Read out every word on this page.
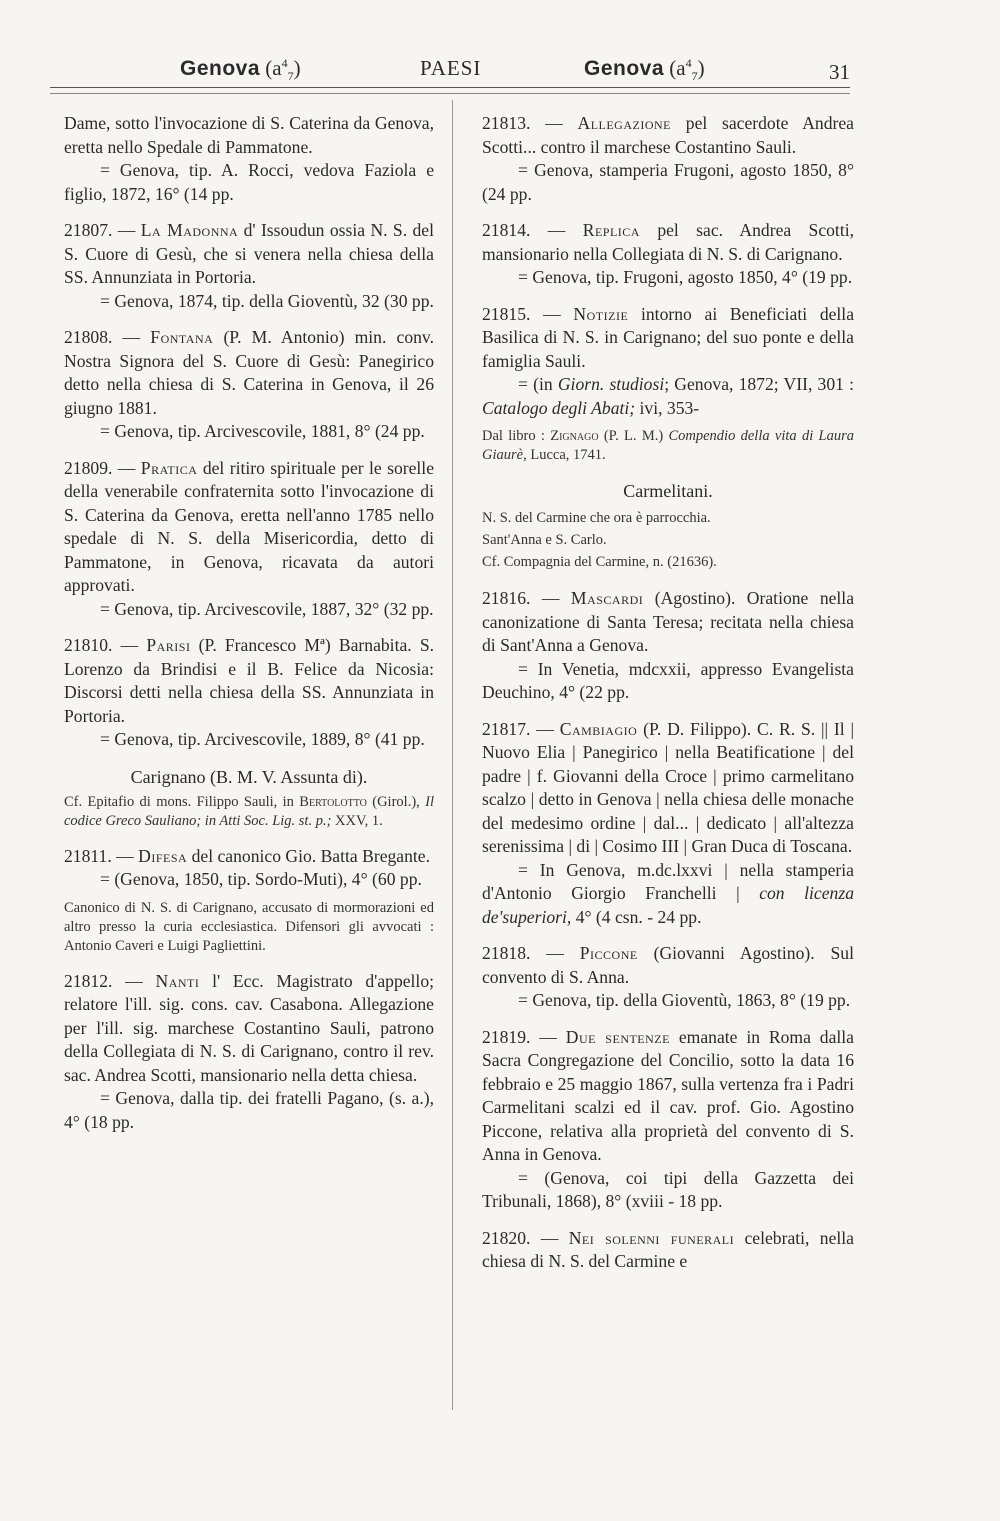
Genova $(a^4_7)$	PAESI	Genova $(a^4_7)$	31

Dame, sotto l'invocazione di S. Caterina da Genova, eretta nello Spedale di Pammatone.
= Genova, tip. A. Rocci, vedova Faziola e figlio, 1872, 16° (14 pp.

21807. — La Madonna d' Issoudun ossia N. S. del S. Cuore di Gesù, che si venera nella chiesa della SS. Annunziata in Portoria.
= Genova, 1874, tip. della Gioventù, 32 (30 pp.

21808. — Fontana (P. M. Antonio) min. conv. Nostra Signora del S. Cuore di Gesù: Panegirico detto nella chiesa di S. Caterina in Genova, il 26 giugno 1881.
= Genova, tip. Arcivescovile, 1881, 8° (24 pp.

21809. — Pratica del ritiro spirituale per le sorelle della venerabile confraternita sotto l'invocazione di S. Caterina da Genova, eretta nell'anno 1785 nello spedale di N. S. della Misericordia, detto di Pammatone, in Genova, ricavata da autori approvati.
= Genova, tip. Arcivescovile, 1887, 32° (32 pp.

21810. — Parisi (P. Francesco Mª) Barnabita. S. Lorenzo da Brindisi e il B. Felice da Nicosia: Discorsi detti nella chiesa della SS. Annunziata in Portoria.
= Genova, tip. Arcivescovile, 1889, 8° (41 pp.

Carignano (B. M. V. Assunta di).

Cf. Epitafio di mons. Filippo Sauli, in Bertolotto (Girol.), Il codice Greco Sauliano; in Atti Soc. Lig. st. p.; XXV, 1.

21811. — Difesa del canonico Gio. Batta Bregante.
= (Genova, 1850, tip. Sordo-Muti), 4° (60 pp.

Canonico di N. S. di Carignano, accusato di mormorazioni ed altro presso la curia ecclesiastica. Difensori gli avvocati : Antonio Caveri e Luigi Pagliettini.

21812. — Nanti l' Ecc. Magistrato d'appello; relatore l'ill. sig. cons. cav. Casabona. Allegazione per l'ill. sig. marchese Costantino Sauli, patrono della Collegiata di N. S. di Carignano, contro il rev. sac. Andrea Scotti, mansionario nella detta chiesa.
= Genova, dalla tip. dei fratelli Pagano, (s. a.), 4° (18 pp.

21813. — Allegazione pel sacerdote Andrea Scotti... contro il marchese Costantino Sauli.
= Genova, stamperia Frugoni, agosto 1850, 8° (24 pp.

21814. — Replica pel sac. Andrea Scotti, mansionario nella Collegiata di N. S. di Carignano.
= Genova, tip. Frugoni, agosto 1850, 4° (19 pp.

21815. — Notizie intorno ai Beneficiati della Basilica di N. S. in Carignano; del suo ponte e della famiglia Sauli.
= (in Giorn. studiosi; Genova, 1872; VII, 301 : Catalogo degli Abati; ivi, 353-

Dal libro : Zignago (P. L. M.) Compendio della vita di Laura Giaurè, Lucca, 1741.

Carmelitani.
N. S. del Carmine che ora è parrocchia.
Sant'Anna e S. Carlo.
Cf. Compagnia del Carmine, n. (21636).

21816. — Mascardi (Agostino). Oratione nella canonizatione di Santa Teresa; recitata nella chiesa di Sant'Anna a Genova.
= In Venetia, mdcxxii, appresso Evangelista Deuchino, 4° (22 pp.

21817. — Cambiagio (P. D. Filippo). C. R. S. || Il | Nuovo Elia | Panegirico | nella Beatificatione | del padre | f. Giovanni della Croce | primo carmelitano scalzo | detto in Genova | nella chiesa delle monache del medesimo ordine | dal... | dedicato | all'altezza serenissima | di | Cosimo III | Gran Duca di Toscana.
= In Genova, m.dc.lxxvi | nella stamperia d'Antonio Giorgio Franchelli | con licenza de'superiori, 4° (4 csn. - 24 pp.

21818. — Piccone (Giovanni Agostino). Sul convento di S. Anna.
= Genova, tip. della Gioventù, 1863, 8° (19 pp.

21819. — Due sentenze emanate in Roma dalla Sacra Congregazione del Concilio, sotto la data 16 febbraio e 25 maggio 1867, sulla vertenza fra i Padri Carmelitani scalzi ed il cav. prof. Gio. Agostino Piccone, relativa alla proprietà del convento di S. Anna in Genova.
= (Genova, coi tipi della Gazzetta dei Tribunali, 1868), 8° (xviii - 18 pp.

21820. — Nei solenni funerali celebrati, nella chiesa di N. S. del Carmine e
